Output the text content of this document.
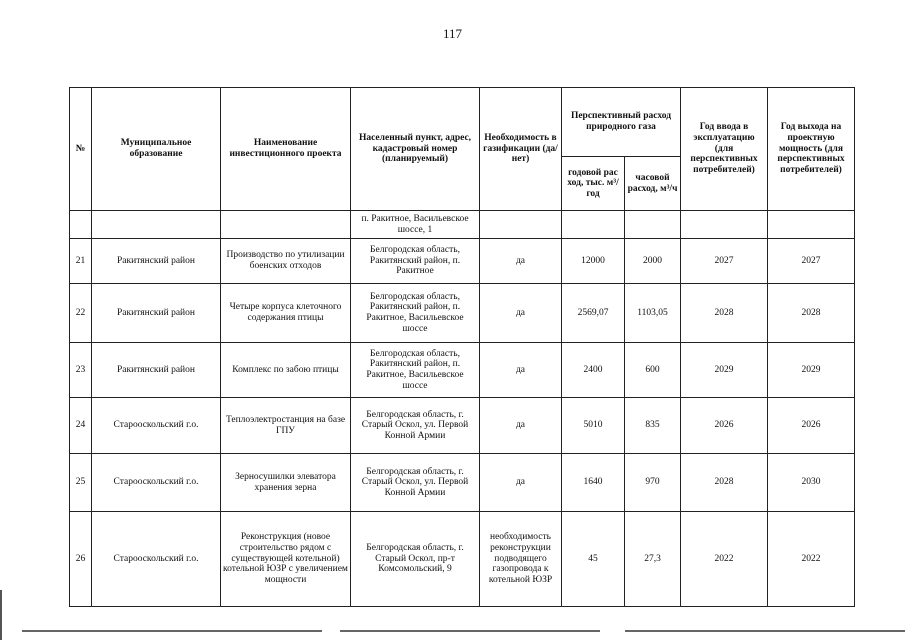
117
№	Муниципальное образование	Наименование инвестиционного проекта	Населенный пункт, адрес, кадастровый номер (планируемый)	Необходимость в газификации (да/нет)	Перспективный расход природного газа		Год ввода в эксплуатацию (для перспективных потребителей)	Год выхода на проектную мощность (для перспективных потребителей)
					годовой рас ход, тыс. м³/год	часовой расход, м³/ч		
			п. Ракитное, Васильевское шоссе, 1					
21	Ракитянский район	Производство по утилизации боенских отходов	Белгородская область, Ракитянский район, п. Ракитное	да	12000	2000	2027	2027
22	Ракитянский район	Четыре корпуса клеточного содержания птицы	Белгородская область, Ракитянский район, п. Ракитное, Васильевское шоссе	да	2569,07	1103,05	2028	2028
23	Ракитянский район	Комплекс по забою птицы	Белгородская область, Ракитянский район, п. Ракитное, Васильевское шоссе	да	2400	600	2029	2029
24	Старооскольский г.о.	Теплоэлектростанция на базе ГПУ	Белгородская область, г. Старый Оскол, ул. Первой Конной Армии	да	5010	835	2026	2026
25	Старооскольский г.о.	Зерносушилки элеватора хранения зерна	Белгородская область, г. Старый Оскол, ул. Первой Конной Армии	да	1640	970	2028	2030
26	Старооскольский г.о.	Реконструкция (новое строительство рядом с существующей котельной) котельной ЮЗР с увеличением мощности	Белгородская область, г. Старый Оскол, пр-т Комсомольский, 9	необходимость реконструкции подводящего газопровода к котельной ЮЗР	45	27,3	2022	2022
